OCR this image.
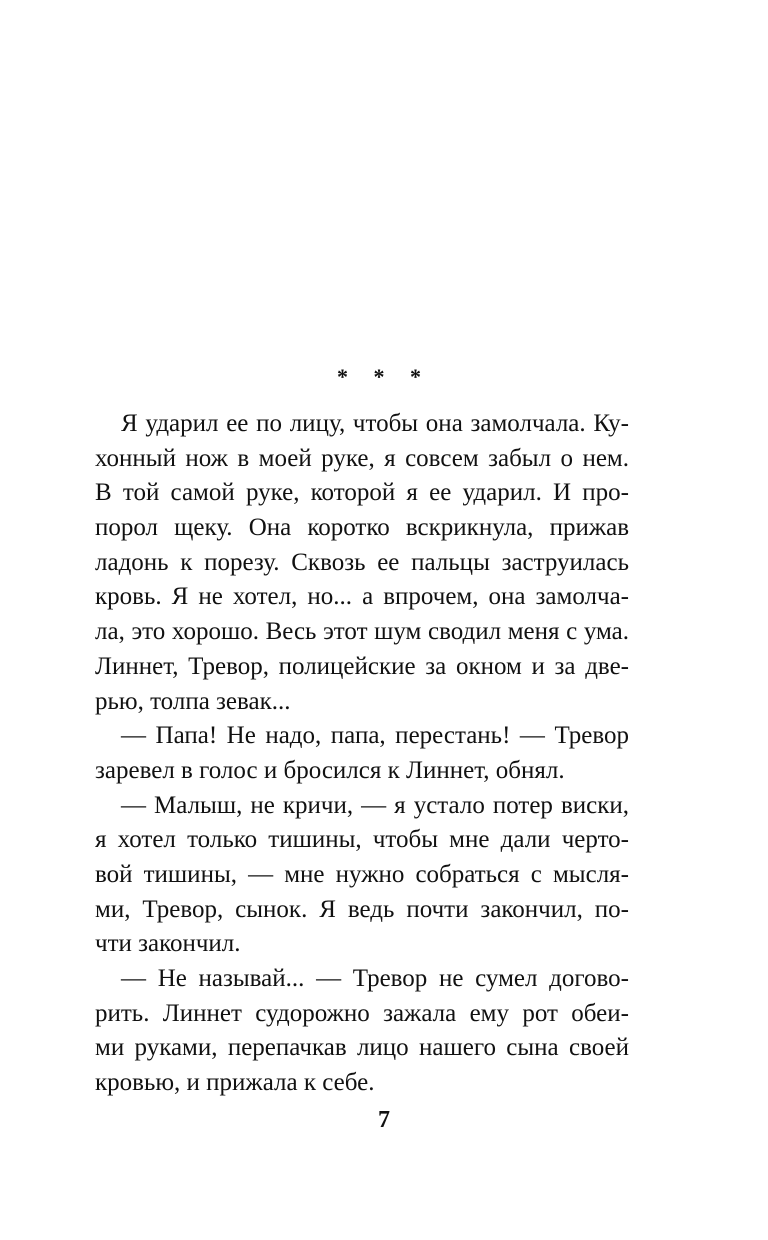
* * *
Я ударил ее по лицу, чтобы она замолчала. Ку-
хонный нож в моей руке, я совсем забыл о нем.
В той самой руке, которой я ее ударил. И про-
порол щеку. Она коротко вскрикнула, прижав
ладонь к порезу. Сквозь ее пальцы заструилась
кровь. Я не хотел, но... а впрочем, она замолча-
ла, это хорошо. Весь этот шум сводил меня с ума.
Линнет, Тревор, полицейские за окном и за две-
рью, толпа зевак...
— Папа! Не надо, папа, перестань! — Тревор
заревел в голос и бросился к Линнет, обнял.
— Малыш, не кричи, — я устало потер виски,
я хотел только тишины, чтобы мне дали черто-
вой тишины, — мне нужно собраться с мысля-
ми, Тревор, сынок. Я ведь почти закончил, по-
чти закончил.
— Не называй... — Тревор не сумел догово-
рить. Линнет судорожно зажала ему рот обеи-
ми руками, перепачкав лицо нашего сына своей
кровью, и прижала к себе.
7
